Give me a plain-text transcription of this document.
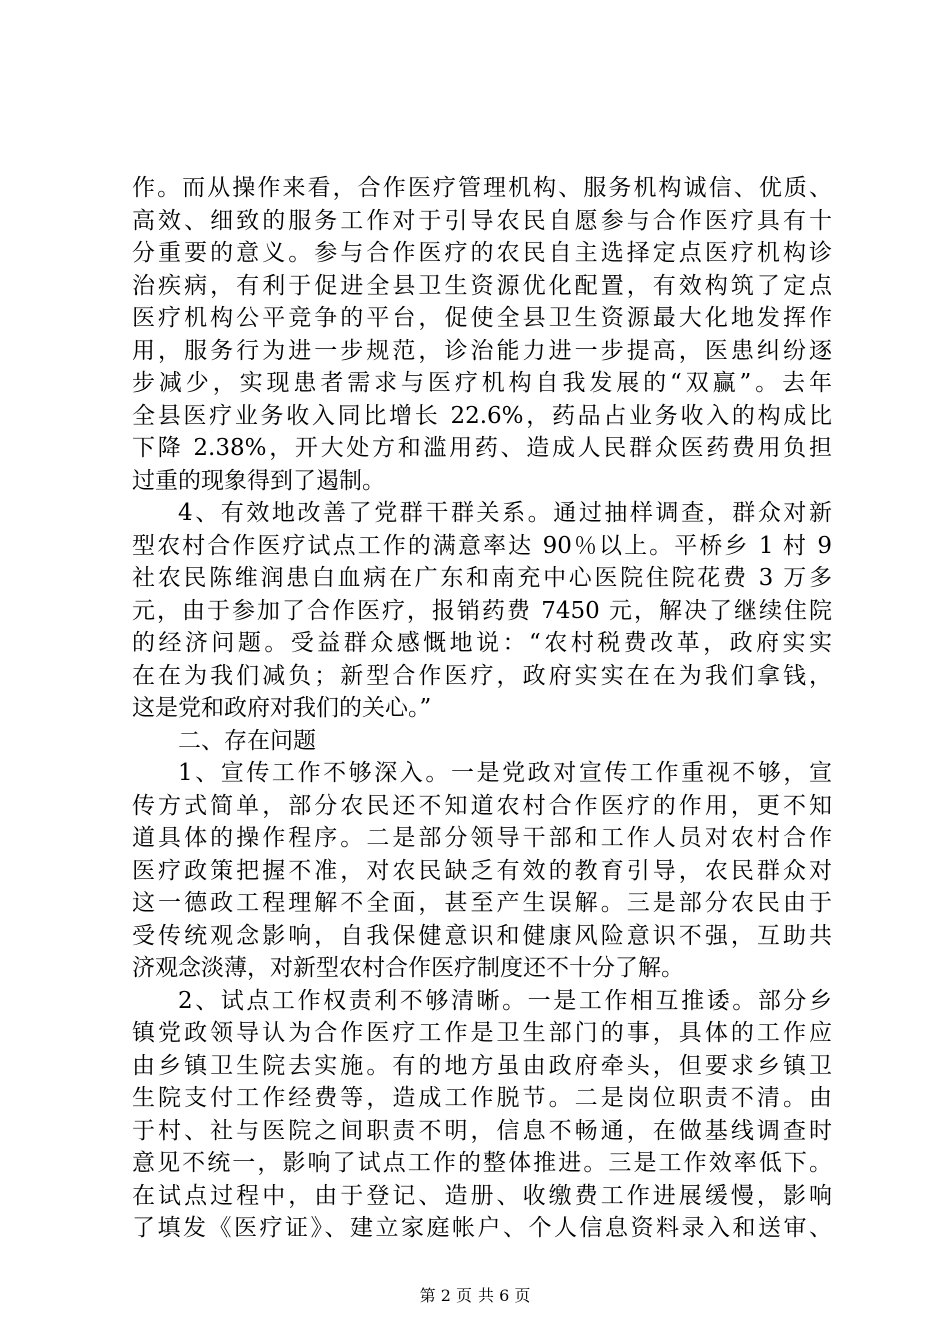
作。而从操作来看，合作医疗管理机构、服务机构诚信、优质、
高效、细致的服务工作对于引导农民自愿参与合作医疗具有十
分重要的意义。参与合作医疗的农民自主选择定点医疗机构诊
治疾病，有利于促进全县卫生资源优化配置，有效构筑了定点
医疗机构公平竞争的平台，促使全县卫生资源最大化地发挥作
用，服务行为进一步规范，诊治能力进一步提高，医患纠纷逐
步减少，实现患者需求与医疗机构自我发展的“双赢”。去年
全县医疗业务收入同比增长 22.6%，药品占业务收入的构成比
下降 2.38%，开大处方和滥用药、造成人民群众医药费用负担
过重的现象得到了遏制。
4、有效地改善了党群干群关系。通过抽样调查，群众对新
型农村合作医疗试点工作的满意率达 90％以上。平桥乡 1 村 9
社农民陈维润患白血病在广东和南充中心医院住院花费 3 万多
元，由于参加了合作医疗，报销药费 7450 元，解决了继续住院
的经济问题。受益群众感慨地说：“农村税费改革，政府实实
在在为我们减负；新型合作医疗，政府实实在在为我们拿钱，
这是党和政府对我们的关心。”
二、存在问题
1、宣传工作不够深入。一是党政对宣传工作重视不够，宣
传方式简单，部分农民还不知道农村合作医疗的作用，更不知
道具体的操作程序。二是部分领导干部和工作人员对农村合作
医疗政策把握不准，对农民缺乏有效的教育引导，农民群众对
这一德政工程理解不全面，甚至产生误解。三是部分农民由于
受传统观念影响，自我保健意识和健康风险意识不强，互助共
济观念淡薄，对新型农村合作医疗制度还不十分了解。
2、试点工作权责利不够清晰。一是工作相互推诿。部分乡
镇党政领导认为合作医疗工作是卫生部门的事，具体的工作应
由乡镇卫生院去实施。有的地方虽由政府牵头，但要求乡镇卫
生院支付工作经费等，造成工作脱节。二是岗位职责不清。由
于村、社与医院之间职责不明，信息不畅通，在做基线调查时
意见不统一，影响了试点工作的整体推进。三是工作效率低下。
在试点过程中，由于登记、造册、收缴费工作进展缓慢，影响
了填发《医疗证》、建立家庭帐户、个人信息资料录入和送审、
第 2 页 共 6 页
